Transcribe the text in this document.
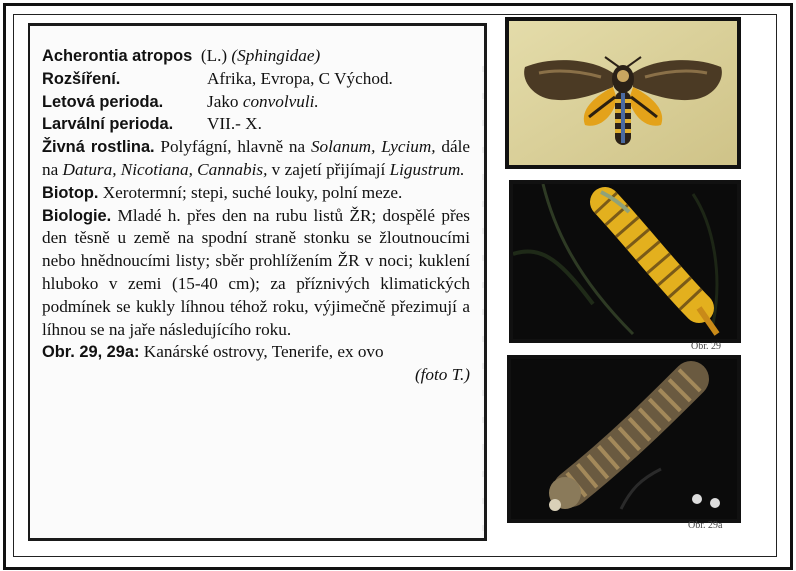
Acherontia atropos (L.) (Sphingidae)

Rozšíření.	Afrika, Evropa, C Východ.

Letová perioda.	Jako convolvuli.

Larvální perioda.	VII.- X.

Živná rostlina. Polyfágní, hlavně na Solanum, Lycium, dále na Datura, Nicotiana, Cannabis, v zajetí přijímají Ligustrum.

Biotop. Xerotermní; stepi, suché louky, polní meze.

Biologie. Mladé h. přes den na rubu listů ŽR; dospělé přes den těsně u země na spodní straně stonku se žloutnoucími nebo hnědnoucími listy; sběr prohlížením ŽR v noci; kuklení hluboko v zemi (15-40 cm); za příznivých klimatických podmínek se kukly líhnou téhož roku, výjimečně přezimují a líhnou se na jaře následujícího roku.

Obr. 29, 29a: Kanárské ostrovy, Tenerife, ex ovo

(foto T.)

Obr. 29
Obr. 29a
